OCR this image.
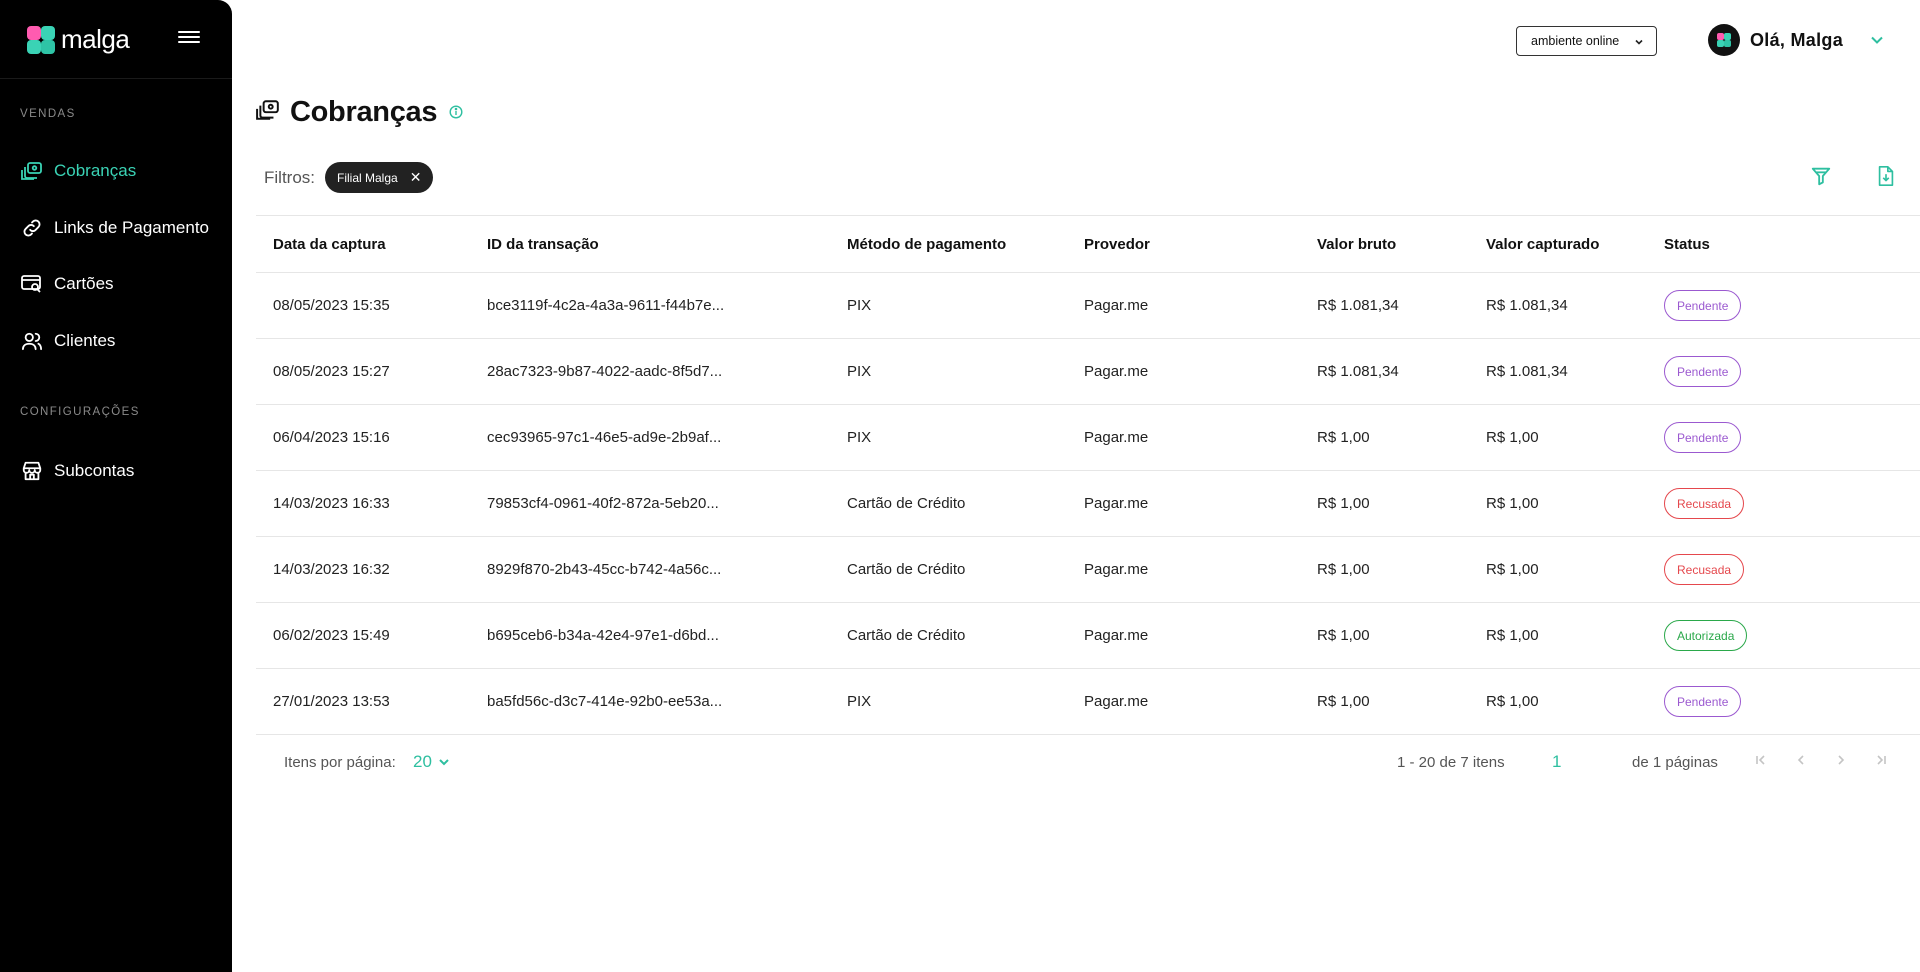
malga
VENDAS
Cobranças
Links de Pagamento
Cartões
Clientes
CONFIGURAÇÕES
Subcontas
ambiente online	Olá, Malga
Cobranças
Filtros: Filial Malga ✕
Data da captura	ID da transação	Método de pagamento	Provedor	Valor bruto	Valor capturado	Status
08/05/2023 15:35	bce3119f-4c2a-4a3a-9611-f44b7e...	PIX	Pagar.me	R$ 1.081,34	R$ 1.081,34	Pendente
08/05/2023 15:27	28ac7323-9b87-4022-aadc-8f5d7...	PIX	Pagar.me	R$ 1.081,34	R$ 1.081,34	Pendente
06/04/2023 15:16	cec93965-97c1-46e5-ad9e-2b9af...	PIX	Pagar.me	R$ 1,00	R$ 1,00	Pendente
14/03/2023 16:33	79853cf4-0961-40f2-872a-5eb20...	Cartão de Crédito	Pagar.me	R$ 1,00	R$ 1,00	Recusada
14/03/2023 16:32	8929f870-2b43-45cc-b742-4a56c...	Cartão de Crédito	Pagar.me	R$ 1,00	R$ 1,00	Recusada
06/02/2023 15:49	b695ceb6-b34a-42e4-97e1-d6bd...	Cartão de Crédito	Pagar.me	R$ 1,00	R$ 1,00	Autorizada
27/01/2023 13:53	ba5fd56c-d3c7-414e-92b0-ee53a...	PIX	Pagar.me	R$ 1,00	R$ 1,00	Pendente
Itens por página: 20	1 - 20 de 7 itens	1	de 1 páginas
